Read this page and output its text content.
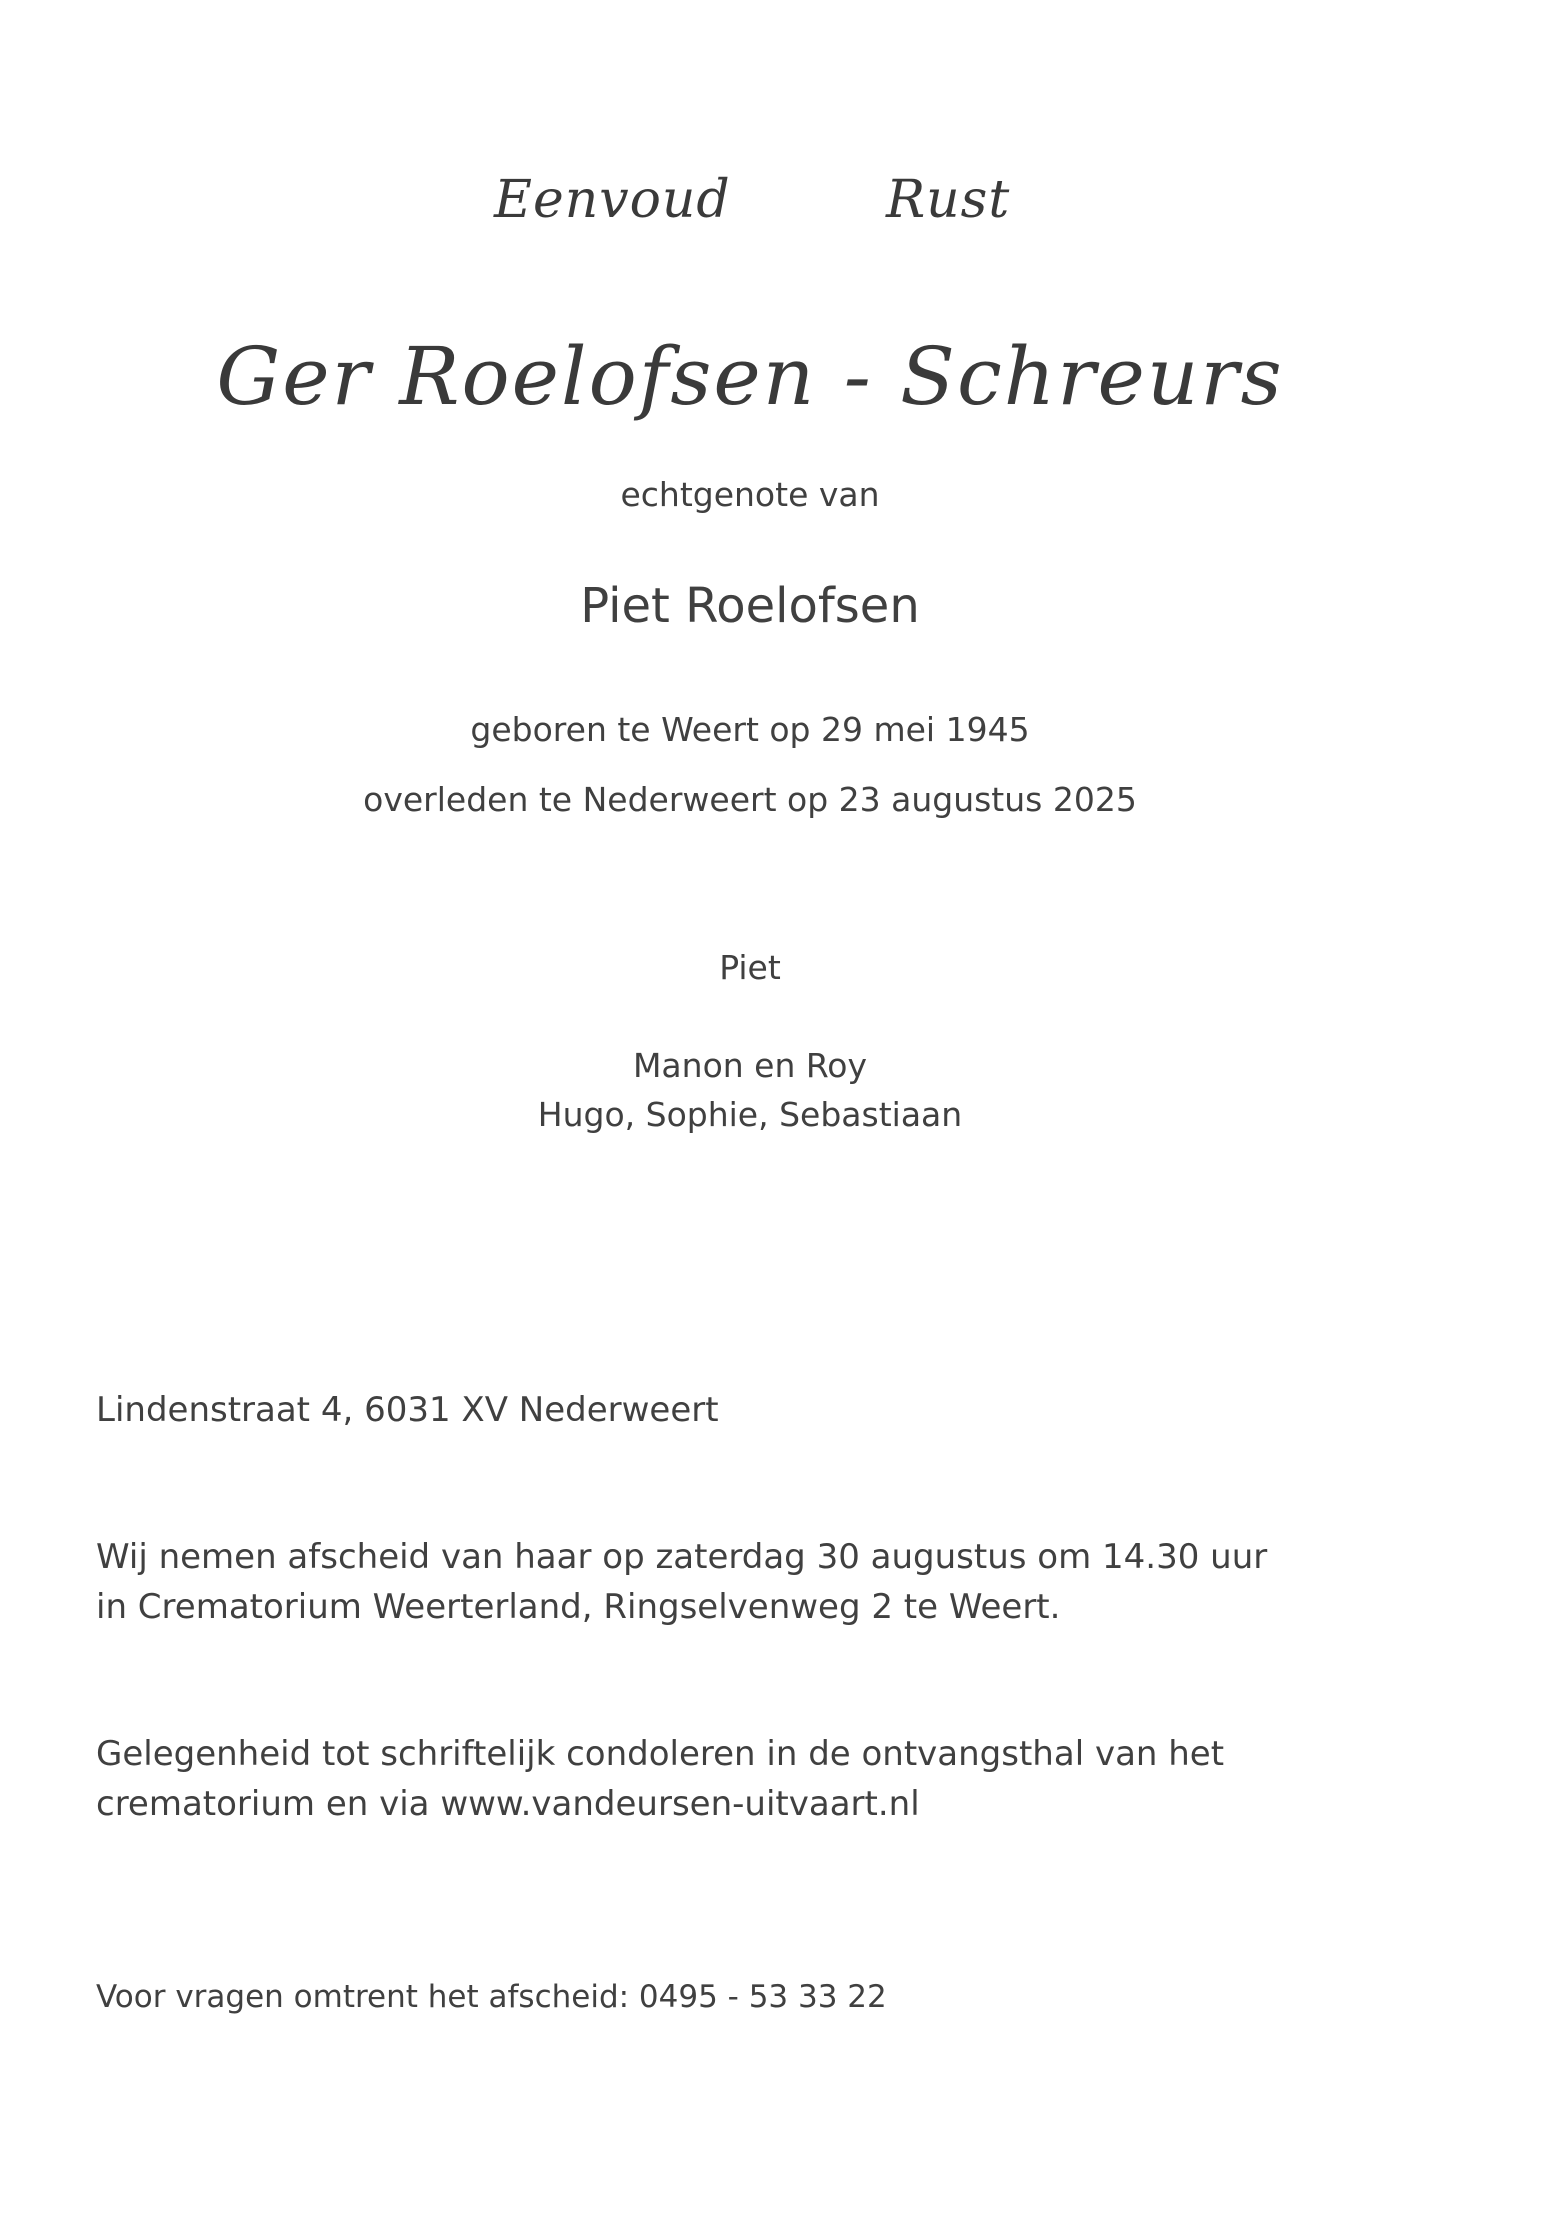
Eenvoud	Rust
Ger Roelofsen - Schreurs
echtgenote van
Piet Roelofsen
geboren te Weert op 29 mei 1945
overleden te Nederweert op 23 augustus 2025
Piet
Manon en Roy
Hugo, Sophie, Sebastiaan
Lindenstraat 4, 6031 XV Nederweert
Wij nemen afscheid van haar op zaterdag 30 augustus om 14.30 uur
in Crematorium Weerterland, Ringselvenweg 2 te Weert.
Gelegenheid tot schriftelijk condoleren in de ontvangsthal van het
crematorium en via www.vandeursen-uitvaart.nl
Voor vragen omtrent het afscheid: 0495 - 53 33 22
